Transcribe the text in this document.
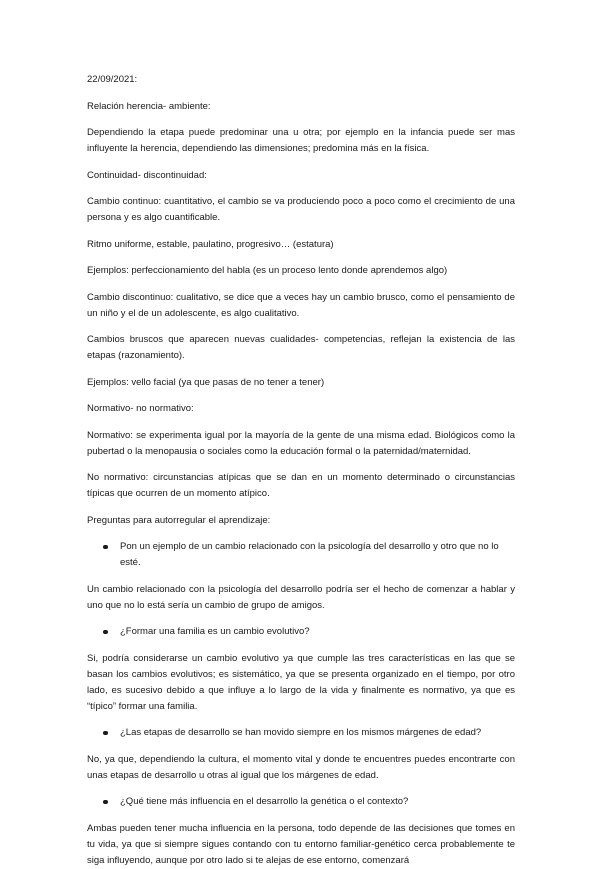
22/09/2021:

Relación herencia- ambiente:

Dependiendo la etapa puede predominar una u otra; por ejemplo en la infancia puede ser mas influyente la herencia, dependiendo las dimensiones; predomina más en la física.

Continuidad- discontinuidad:

Cambio continuo: cuantitativo, el cambio se va produciendo poco a poco como el crecimiento de una persona y es algo cuantificable.

Ritmo uniforme, estable, paulatino, progresivo… (estatura)

Ejemplos: perfeccionamiento del habla (es un proceso lento donde aprendemos algo)

Cambio discontinuo: cualitativo, se dice que a veces hay un cambio brusco, como el pensamiento de un niño y el de un adolescente, es algo cualitativo.

Cambios bruscos que aparecen nuevas cualidades- competencias, reflejan la existencia de las etapas (razonamiento).

Ejemplos: vello facial (ya que pasas de no tener a tener)

Normativo- no normativo:

Normativo: se experimenta igual por la mayoría de la gente de una misma edad. Biológicos como la pubertad o la menopausia o sociales como la educación formal o la paternidad/maternidad.

No normativo: circunstancias atípicas que se dan en un momento determinado o circunstancias típicas que ocurren de un momento atípico.

Preguntas para autorregular el aprendizaje:

Pon un ejemplo de un cambio relacionado con la psicología del desarrollo y otro que no lo esté.

Un cambio relacionado con la psicología del desarrollo podría ser el hecho de comenzar a hablar y uno que no lo está sería un cambio de grupo de amigos.

¿Formar una familia es un cambio evolutivo?

Si, podría considerarse un cambio evolutivo ya que cumple las tres características en las que se basan los cambios evolutivos; es sistemático, ya que se presenta organizado en el tiempo, por otro lado, es sucesivo debido a que influye a lo largo de la vida y finalmente es normativo, ya que es “típico” formar una familia.

¿Las etapas de desarrollo se han movido siempre en los mismos márgenes de edad?

No, ya que, dependiendo la cultura, el momento vital y donde te encuentres puedes encontrarte con unas etapas de desarrollo u otras al igual que los márgenes de edad.

¿Qué tiene más influencia en el desarrollo la genética o el contexto?

Ambas pueden tener mucha influencia en la persona, todo depende de las decisiones que tomes en tu vida, ya que si siempre sigues contando con tu entorno familiar-genético cerca probablemente te siga influyendo, aunque por otro lado si te alejas de ese entorno, comenzará
